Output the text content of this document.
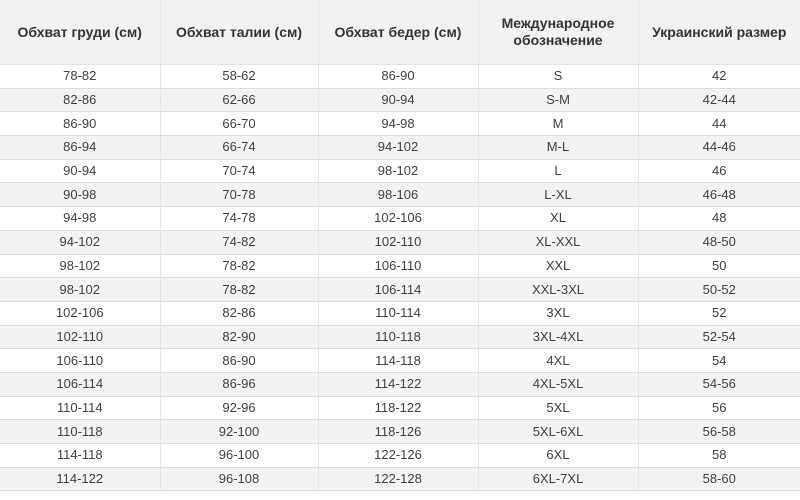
Обхват груди (см)	Обхват талии (см)	Обхват бедер (см)	Международное обозначение	Украинский размер
78-82	58-62	86-90	S	42
82-86	62-66	90-94	S-M	42-44
86-90	66-70	94-98	M	44
86-94	66-74	94-102	M-L	44-46
90-94	70-74	98-102	L	46
90-98	70-78	98-106	L-XL	46-48
94-98	74-78	102-106	XL	48
94-102	74-82	102-110	XL-XXL	48-50
98-102	78-82	106-110	XXL	50
98-102	78-82	106-114	XXL-3XL	50-52
102-106	82-86	110-114	3XL	52
102-110	82-90	110-118	3XL-4XL	52-54
106-110	86-90	114-118	4XL	54
106-114	86-96	114-122	4XL-5XL	54-56
110-114	92-96	118-122	5XL	56
110-118	92-100	118-126	5XL-6XL	56-58
114-118	96-100	122-126	6XL	58
114-122	96-108	122-128	6XL-7XL	58-60
